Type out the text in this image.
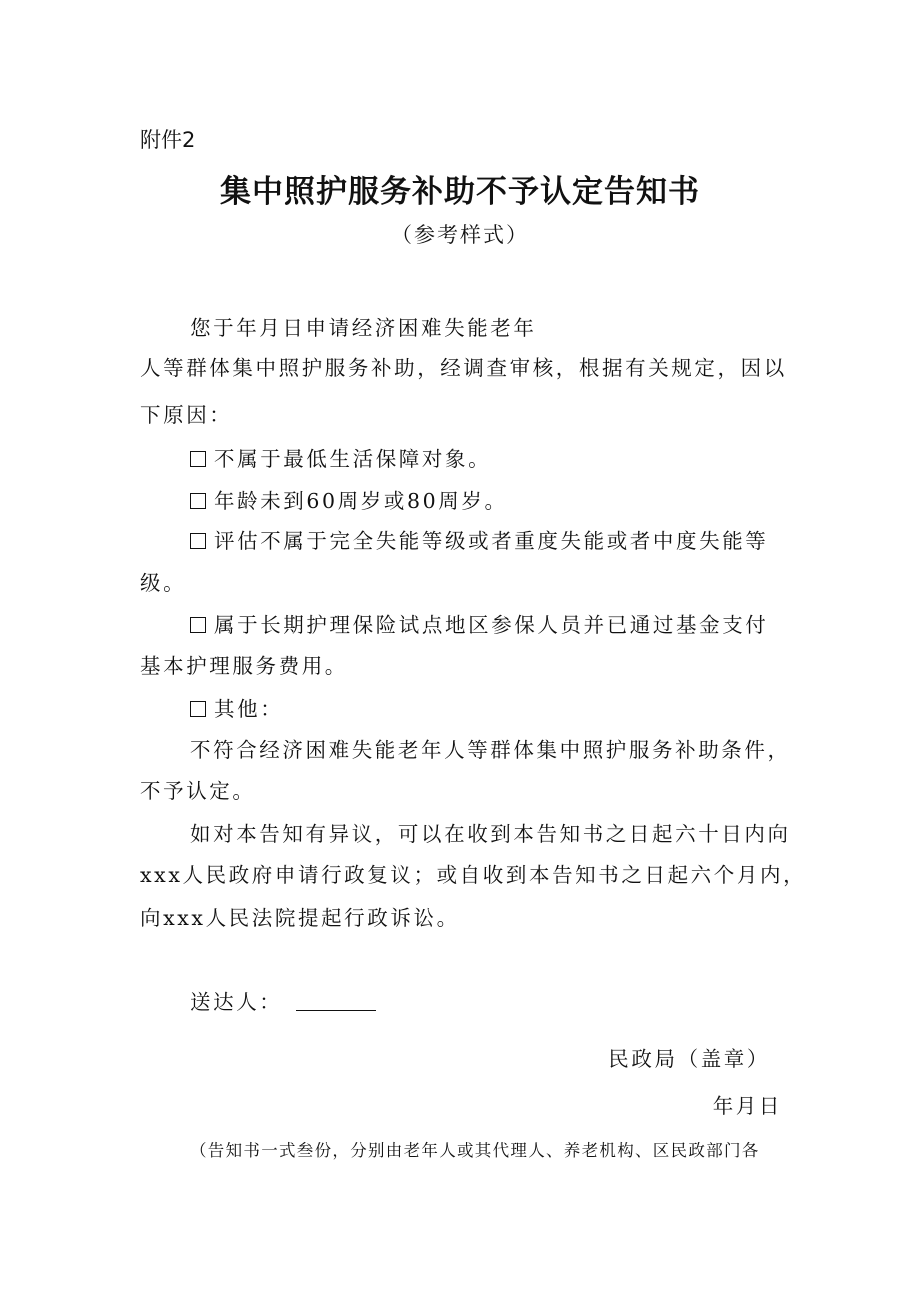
附件2
集中照护服务补助不予认定告知书
（参考样式）
您于年月日申请经济困难失能老年
人等群体集中照护服务补助，经调查审核，根据有关规定，因以
下原因：
不属于最低生活保障对象。
年龄未到60周岁或80周岁。
评估不属于完全失能等级或者重度失能或者中度失能等
级。
属于长期护理保险试点地区参保人员并已通过基金支付
基本护理服务费用。
其他：
不符合经济困难失能老年人等群体集中照护服务补助条件，
不予认定。
如对本告知有异议，可以在收到本告知书之日起六十日内向
xxx人民政府申请行政复议；或自收到本告知书之日起六个月内，
向xxx人民法院提起行政诉讼。
送达人：
民政局（盖章）
年月日
（告知书一式叁份，分别由老年人或其代理人、养老机构、区民政部门各
